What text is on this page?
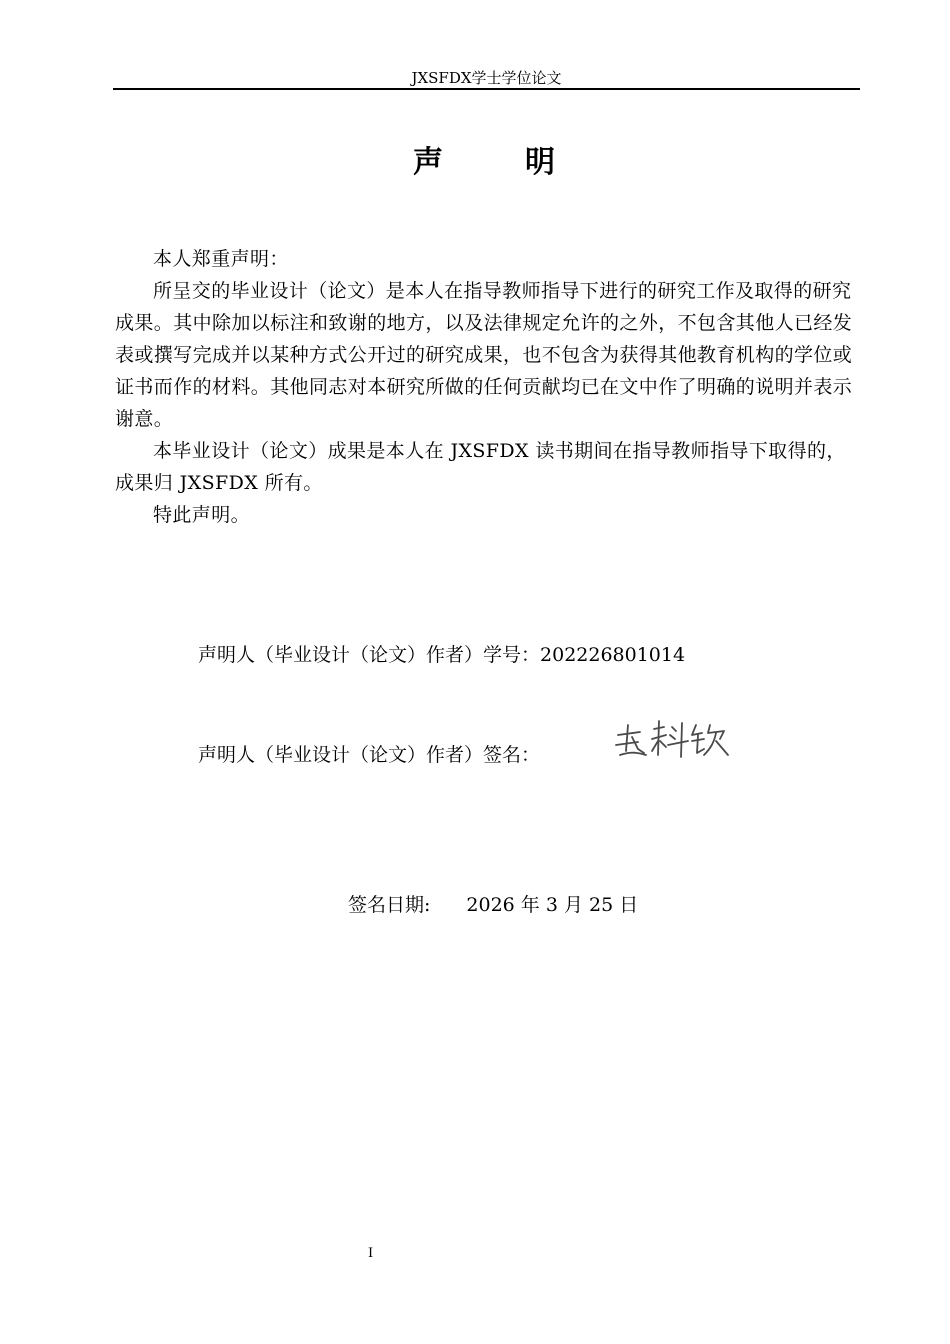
JXSFDX学士学位论文
声	明

本人郑重声明：

所呈交的毕业设计（论文）是本人在指导教师指导下进行的研究工作及取得的研究成果。其中除加以标注和致谢的地方，以及法律规定允许的之外，不包含其他人已经发表或撰写完成并以某种方式公开过的研究成果，也不包含为获得其他教育机构的学位或证书而作的材料。其他同志对本研究所做的任何贡献均已在文中作了明确的说明并表示谢意。

本毕业设计（论文）成果是本人在 JXSFDX 读书期间在指导教师指导下取得的，成果归 JXSFDX 所有。

特此声明。

声明人（毕业设计（论文）作者）学号：202226801014
声明人（毕业设计（论文）作者）签名：
签名日期: 2026 年 3 月 25 日
I
